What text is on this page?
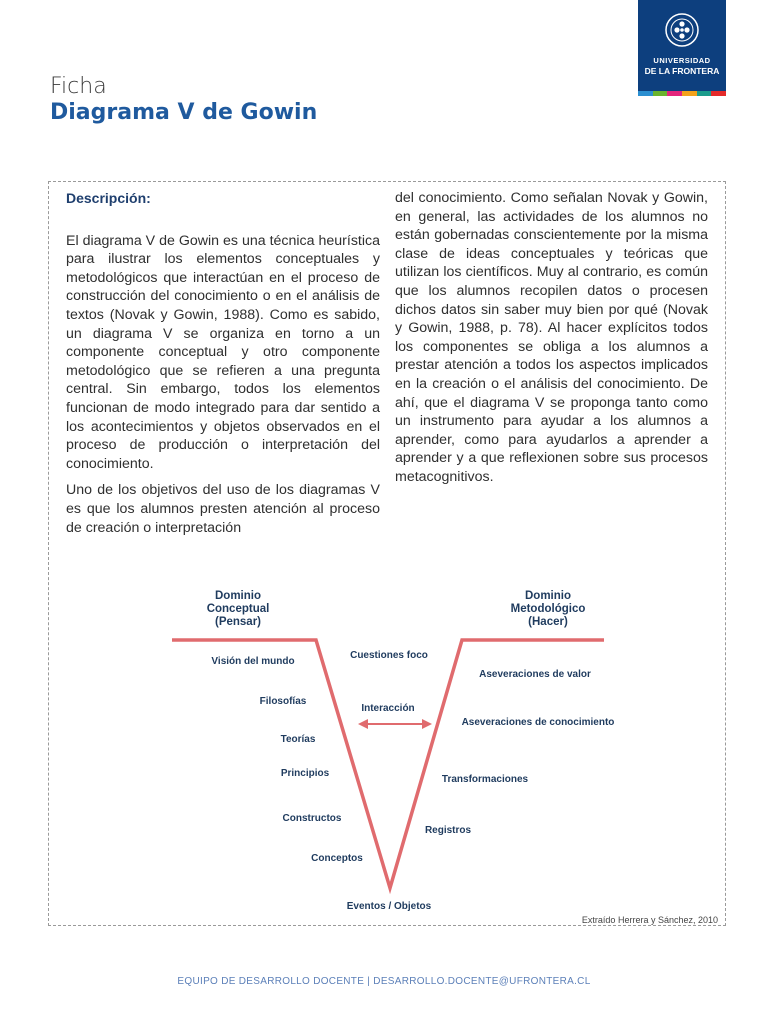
Ficha
Diagrama V de Gowin
UNIVERSIDAD
DE LA FRONTERA

Descripción:

El diagrama V de Gowin es una técnica heurística para ilustrar los elementos conceptuales y metodológicos que interactúan en el proceso de construcción del conocimiento o en el análisis de textos (Novak y Gowin, 1988). Como es sabido, un diagrama V se organiza en torno a un componente conceptual y otro componente metodológico que se refieren a una pregunta central. Sin embargo, todos los elementos funcionan de modo integrado para dar sentido a los acontecimientos y objetos observados en el proceso de producción o interpretación del conocimiento.

Uno de los objetivos del uso de los diagramas V es que los alumnos presten atención al proceso de creación o interpretación

del conocimiento. Como señalan Novak y Gowin, en general, las actividades de los alumnos no están gobernadas conscientemente por la misma clase de ideas conceptuales y teóricas que utilizan los científicos. Muy al contrario, es común que los alumnos recopilen datos o procesen dichos datos sin saber muy bien por qué (Novak y Gowin, 1988, p. 78). Al hacer explícitos todos los componentes se obliga a los alumnos a prestar atención a todos los aspectos implicados en la creación o el análisis del conocimiento. De ahí, que el diagrama V se proponga tanto como un instrumento para ayudar a los alumnos a aprender, como para ayudarlos a aprender a aprender y a que reflexionen sobre sus procesos metacognitivos.

Dominio
Conceptual
(Pensar)
Dominio
Metodológico
(Hacer)
Cuestiones foco
Interacción
Visión del mundo
Filosofías
Teorías
Principios
Constructos
Conceptos
Aseveraciones de valor
Aseveraciones de conocimiento
Transformaciones
Registros
Eventos / Objetos
Extraído Herrera y Sánchez, 2010
EQUIPO DE DESARROLLO DOCENTE | DESARROLLO.DOCENTE@UFRONTERA.CL
